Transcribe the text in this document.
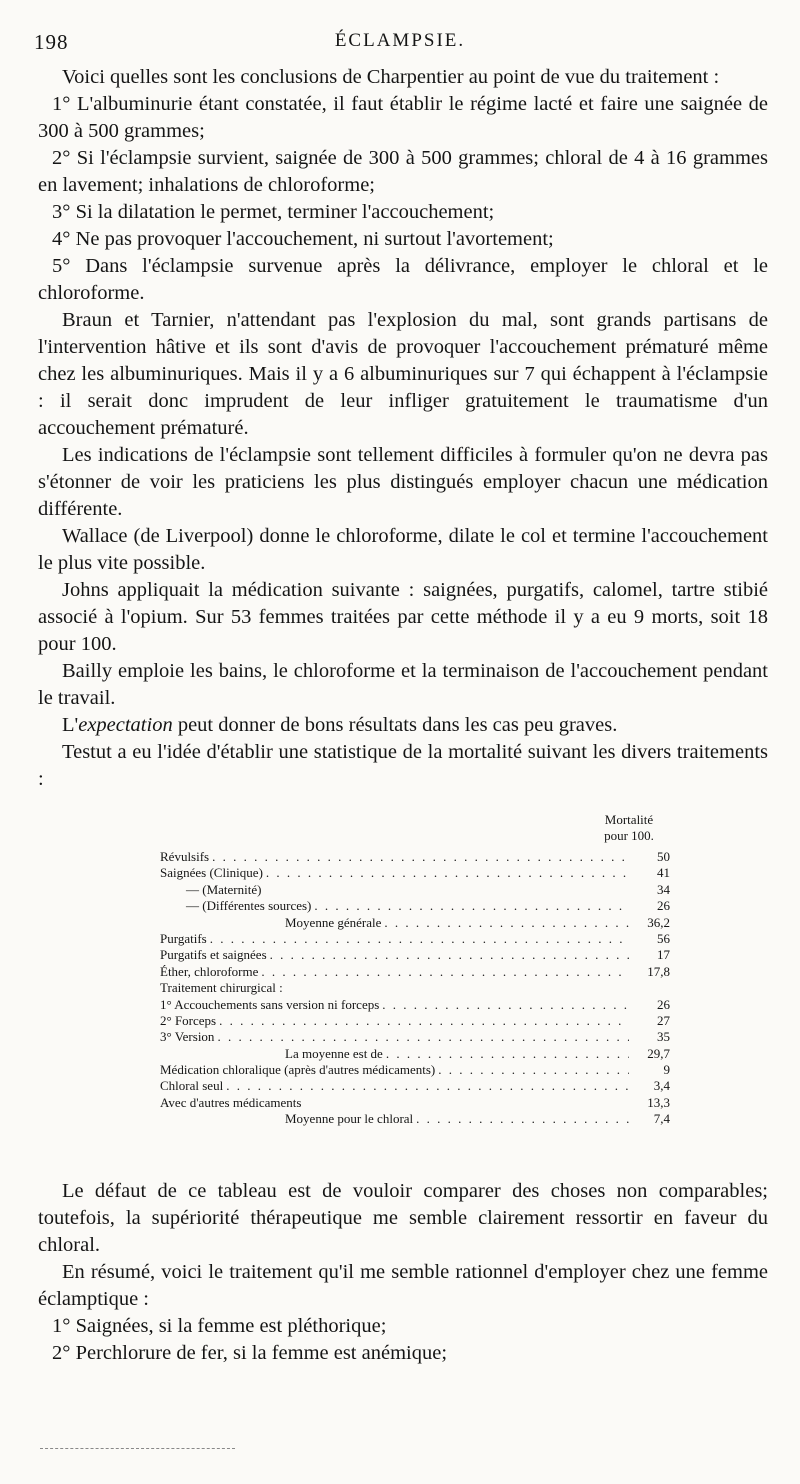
198	ÉCLAMPSIE.

Voici quelles sont les conclusions de Charpentier au point de vue du traitement :

1° L'albuminurie étant constatée, il faut établir le régime lacté et faire une saignée de 300 à 500 grammes;

2° Si l'éclampsie survient, saignée de 300 à 500 grammes; chloral de 4 à 16 grammes en lavement; inhalations de chloroforme;

3° Si la dilatation le permet, terminer l'accouchement;

4° Ne pas provoquer l'accouchement, ni surtout l'avortement;

5° Dans l'éclampsie survenue après la délivrance, employer le chloral et le chloroforme.

Braun et Tarnier, n'attendant pas l'explosion du mal, sont grands partisans de l'intervention hâtive et ils sont d'avis de provoquer l'accouchement prématuré même chez les albuminuriques. Mais il y a 6 albuminuriques sur 7 qui échappent à l'éclampsie : il serait donc imprudent de leur infliger gratuitement le traumatisme d'un accouchement prématuré.

Les indications de l'éclampsie sont tellement difficiles à formuler qu'on ne devra pas s'étonner de voir les praticiens les plus distingués employer chacun une médication différente.

Wallace (de Liverpool) donne le chloroforme, dilate le col et termine l'accouchement le plus vite possible.

Johns appliquait la médication suivante : saignées, purgatifs, calomel, tartre stibié associé à l'opium. Sur 53 femmes traitées par cette méthode il y a eu 9 morts, soit 18 pour 100.

Bailly emploie les bains, le chloroforme et la terminaison de l'accouchement pendant le travail.

L'expectation peut donner de bons résultats dans les cas peu graves.

Testut a eu l'idée d'établir une statistique de la mortalité suivant les divers traitements :

Mortalité
pour 100.
Révulsifs . . .	50
Saignées (Clinique) . . .	41
— (Maternité)	34
— (Différentes sources) . . .	26
Moyenne générale . . .	36,2
Purgatifs . . .	56
Purgatifs et saignées . . .	17
Éther, chloroforme . . .	17,8
Traitement chirurgical :
1° Accouchements sans version ni forceps . . .	26
2° Forceps . . .	27
3° Version . . .	35
La moyenne est de . . .	29,7
Médication chloralique (après d'autres médicaments) . . .	9
Chloral seul . . .	3,4
Avec d'autres médicaments	13,3
Moyenne pour le chloral . . .	7,4

Le défaut de ce tableau est de vouloir comparer des choses non comparables; toutefois, la supériorité thérapeutique me semble clairement ressortir en faveur du chloral.

En résumé, voici le traitement qu'il me semble rationnel d'employer chez une femme éclamptique :

1° Saignées, si la femme est pléthorique;

2° Perchlorure de fer, si la femme est anémique;
